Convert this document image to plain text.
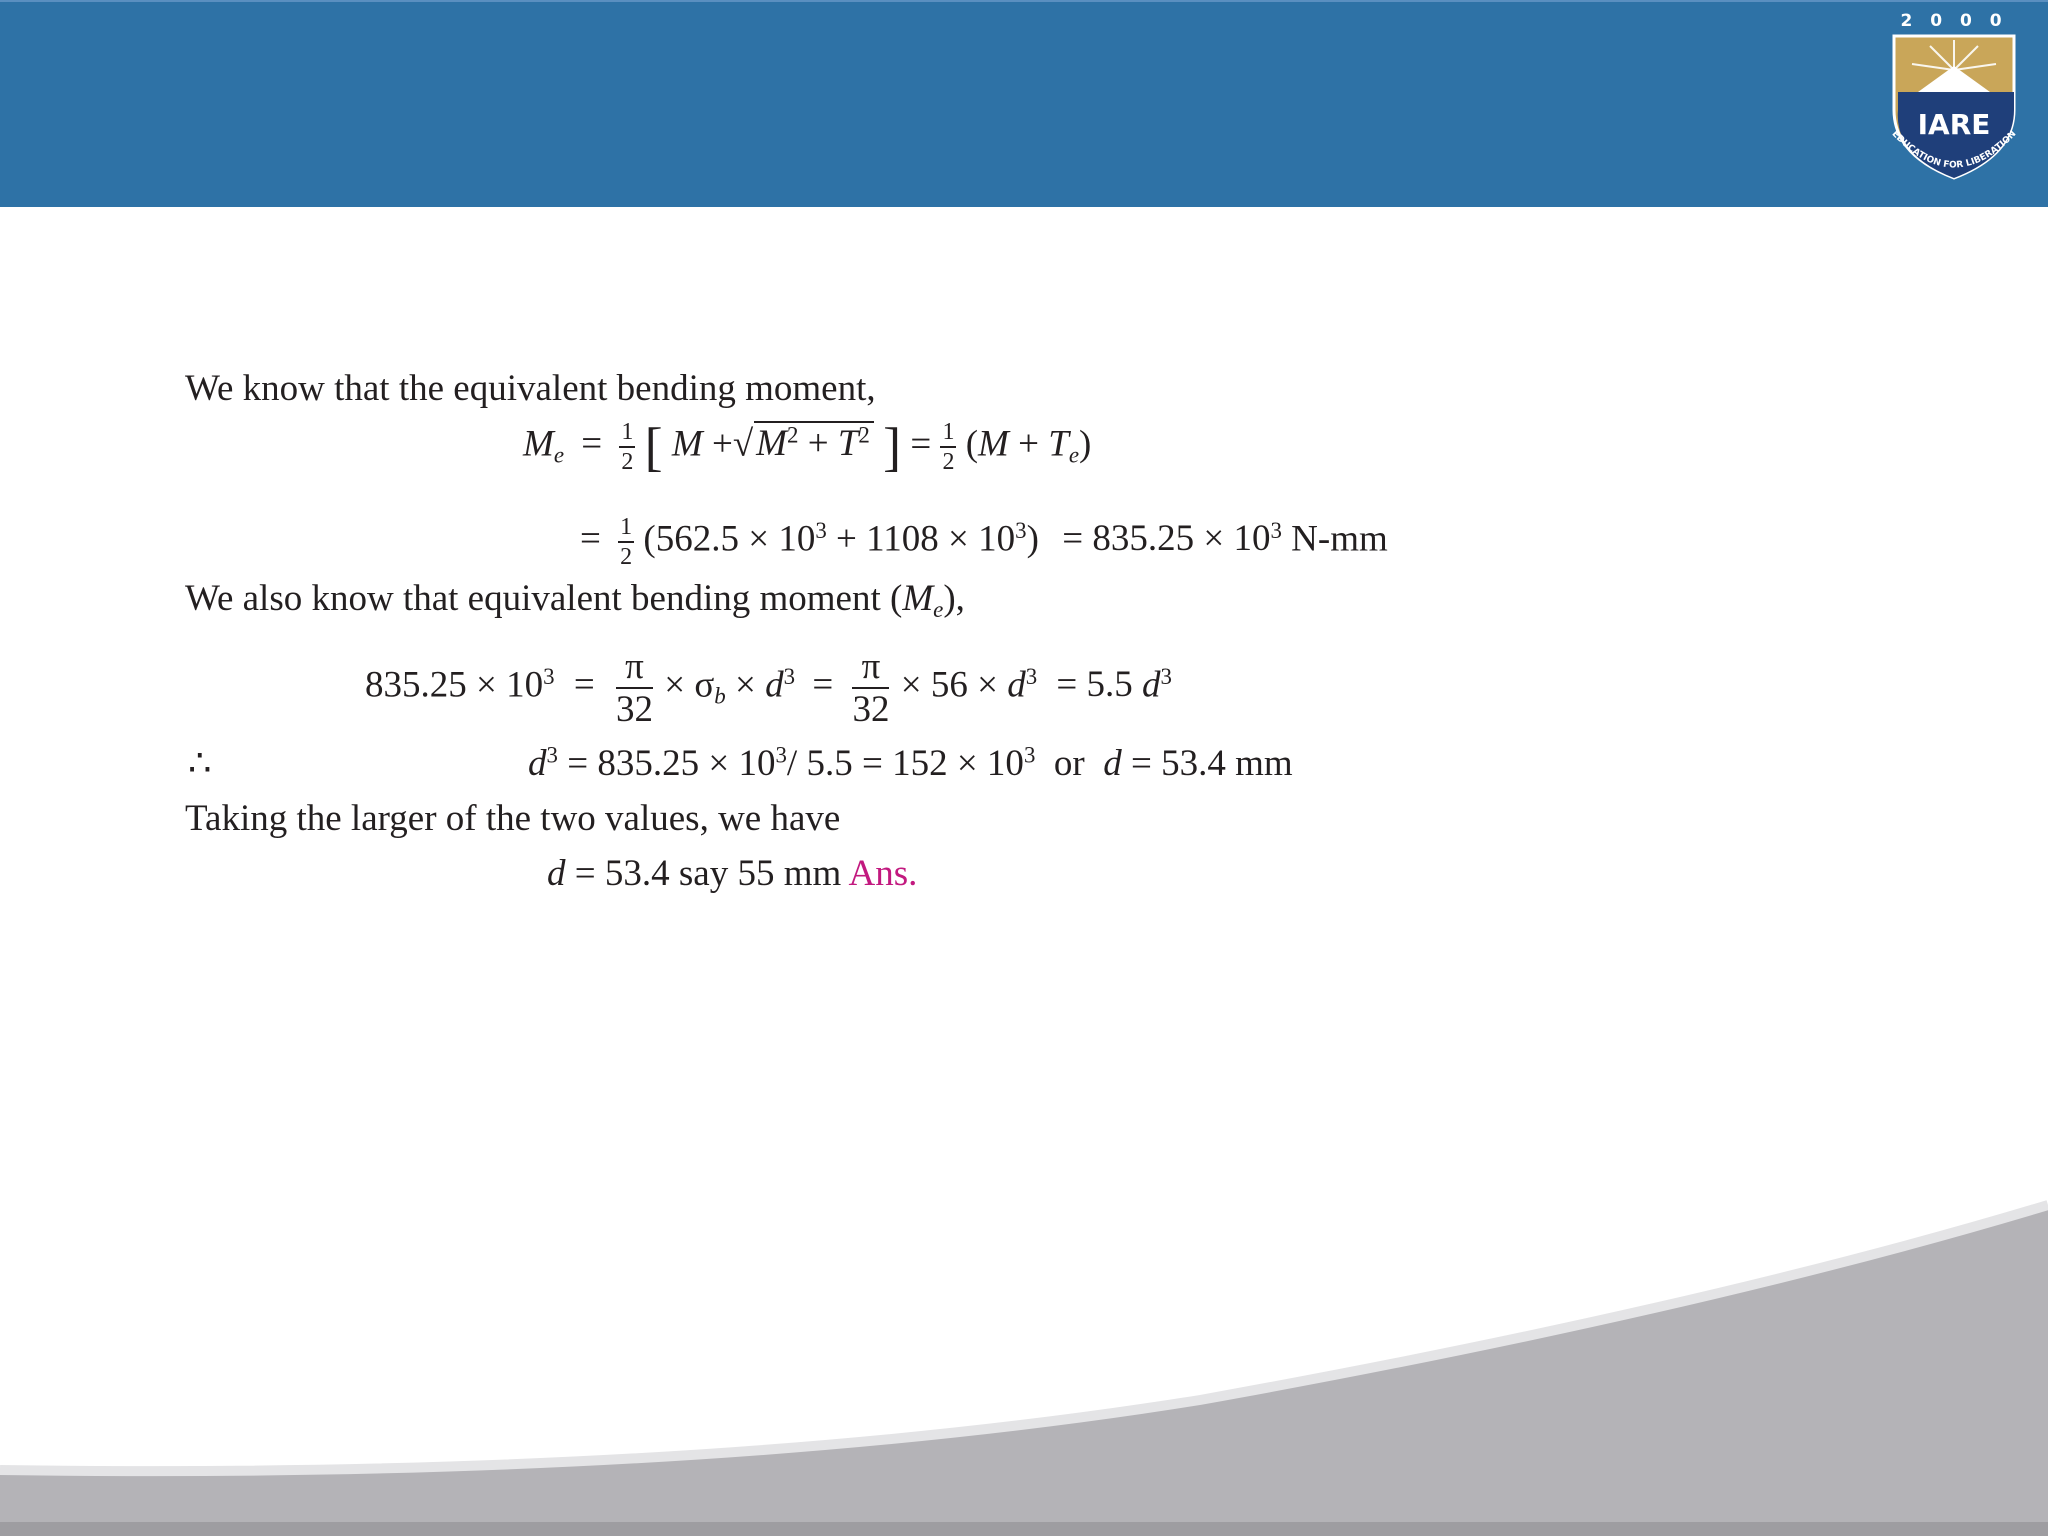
2 0 0 0
IARE
EDUCATION FOR LIBERATION
We know that the equivalent bending moment,
$M_e = \frac{1}{2}$ [ $M +√M^2 + T^2$ ] = $\frac{1}{2} (M + T_e)$
= $\frac{1}{2} (562.5 \times 10^3 + 1108 \times 10^3) = 835.25 \times 10^3$ N-mm
We also know that equivalent bending moment $(M_e)$,
$835.25 \times 10^3 = \frac{\pi}{32} \times \sigma_b \times d^3 = \frac{\pi}{32} \times 56 \times d^3 = 5.5$ $d^3$
∴	$d^3 = 835.25 \times 10^3/$ $5.5 = 152 \times 10^3$  or  d = 53.4 mm
Taking the larger of the two values, we have
d = 53.4 say 55 mm Ans.
